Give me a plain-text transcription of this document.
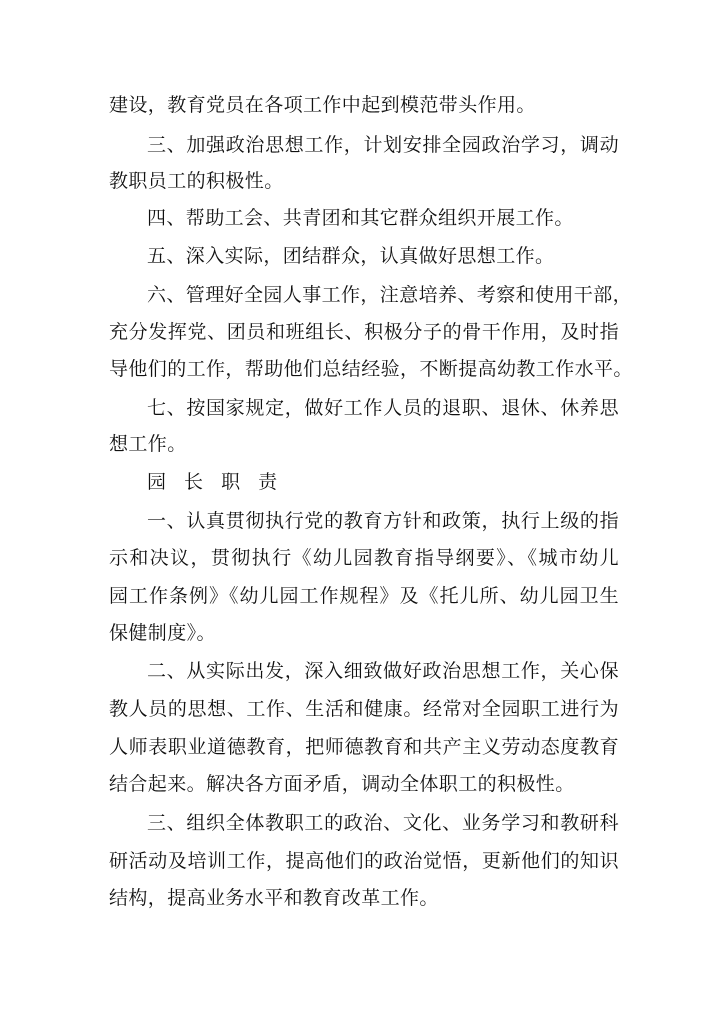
建设，教育党员在各项工作中起到模范带头作用。
三、加强政治思想工作，计划安排全园政治学习，调动
教职员工的积极性。
四、帮助工会、共青团和其它群众组织开展工作。
五、深入实际，团结群众，认真做好思想工作。
六、管理好全园人事工作，注意培养、考察和使用干部，
充分发挥党、团员和班组长、积极分子的骨干作用，及时指
导他们的工作，帮助他们总结经验，不断提高幼教工作水平。
七、按国家规定，做好工作人员的退职、退休、休养思
想工作。
园 长 职 责
一、认真贯彻执行党的教育方针和政策，执行上级的指
示和决议，贯彻执行《幼儿园教育指导纲要》、《城市幼儿
园工作条例》《幼儿园工作规程》及《托儿所、幼儿园卫生
保健制度》。
二、从实际出发，深入细致做好政治思想工作，关心保
教人员的思想、工作、生活和健康。经常对全园职工进行为
人师表职业道德教育，把师德教育和共产主义劳动态度教育
结合起来。解决各方面矛盾，调动全体职工的积极性。
三、组织全体教职工的政治、文化、业务学习和教研科
研活动及培训工作，提高他们的政治觉悟，更新他们的知识
结构，提高业务水平和教育改革工作。
